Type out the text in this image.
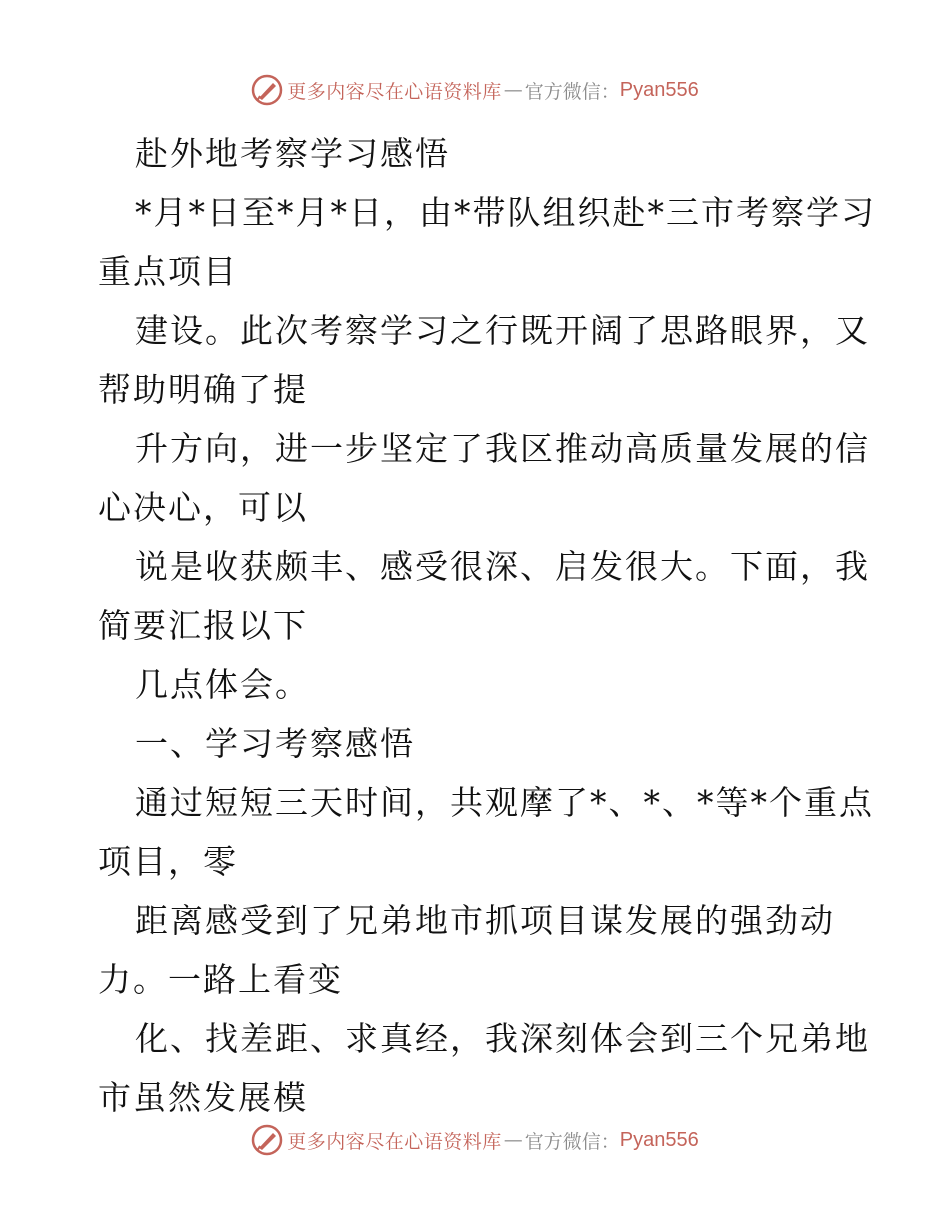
更多内容尽在心语资料库 — 官方微信： Pyan556
赴外地考察学习感悟
*月*日至*月*日，由*带队组织赴*三市考察学习
重点项目
建设。此次考察学习之行既开阔了思路眼界，又
帮助明确了提
升方向，进一步坚定了我区推动高质量发展的信
心决心，可以
说是收获颇丰、感受很深、启发很大。下面，我
简要汇报以下
几点体会。
一、学习考察感悟
通过短短三天时间，共观摩了*、*、*等*个重点
项目，零
距离感受到了兄弟地市抓项目谋发展的强劲动
力。一路上看变
化、找差距、求真经，我深刻体会到三个兄弟地
市虽然发展模
更多内容尽在心语资料库 — 官方微信： Pyan556
